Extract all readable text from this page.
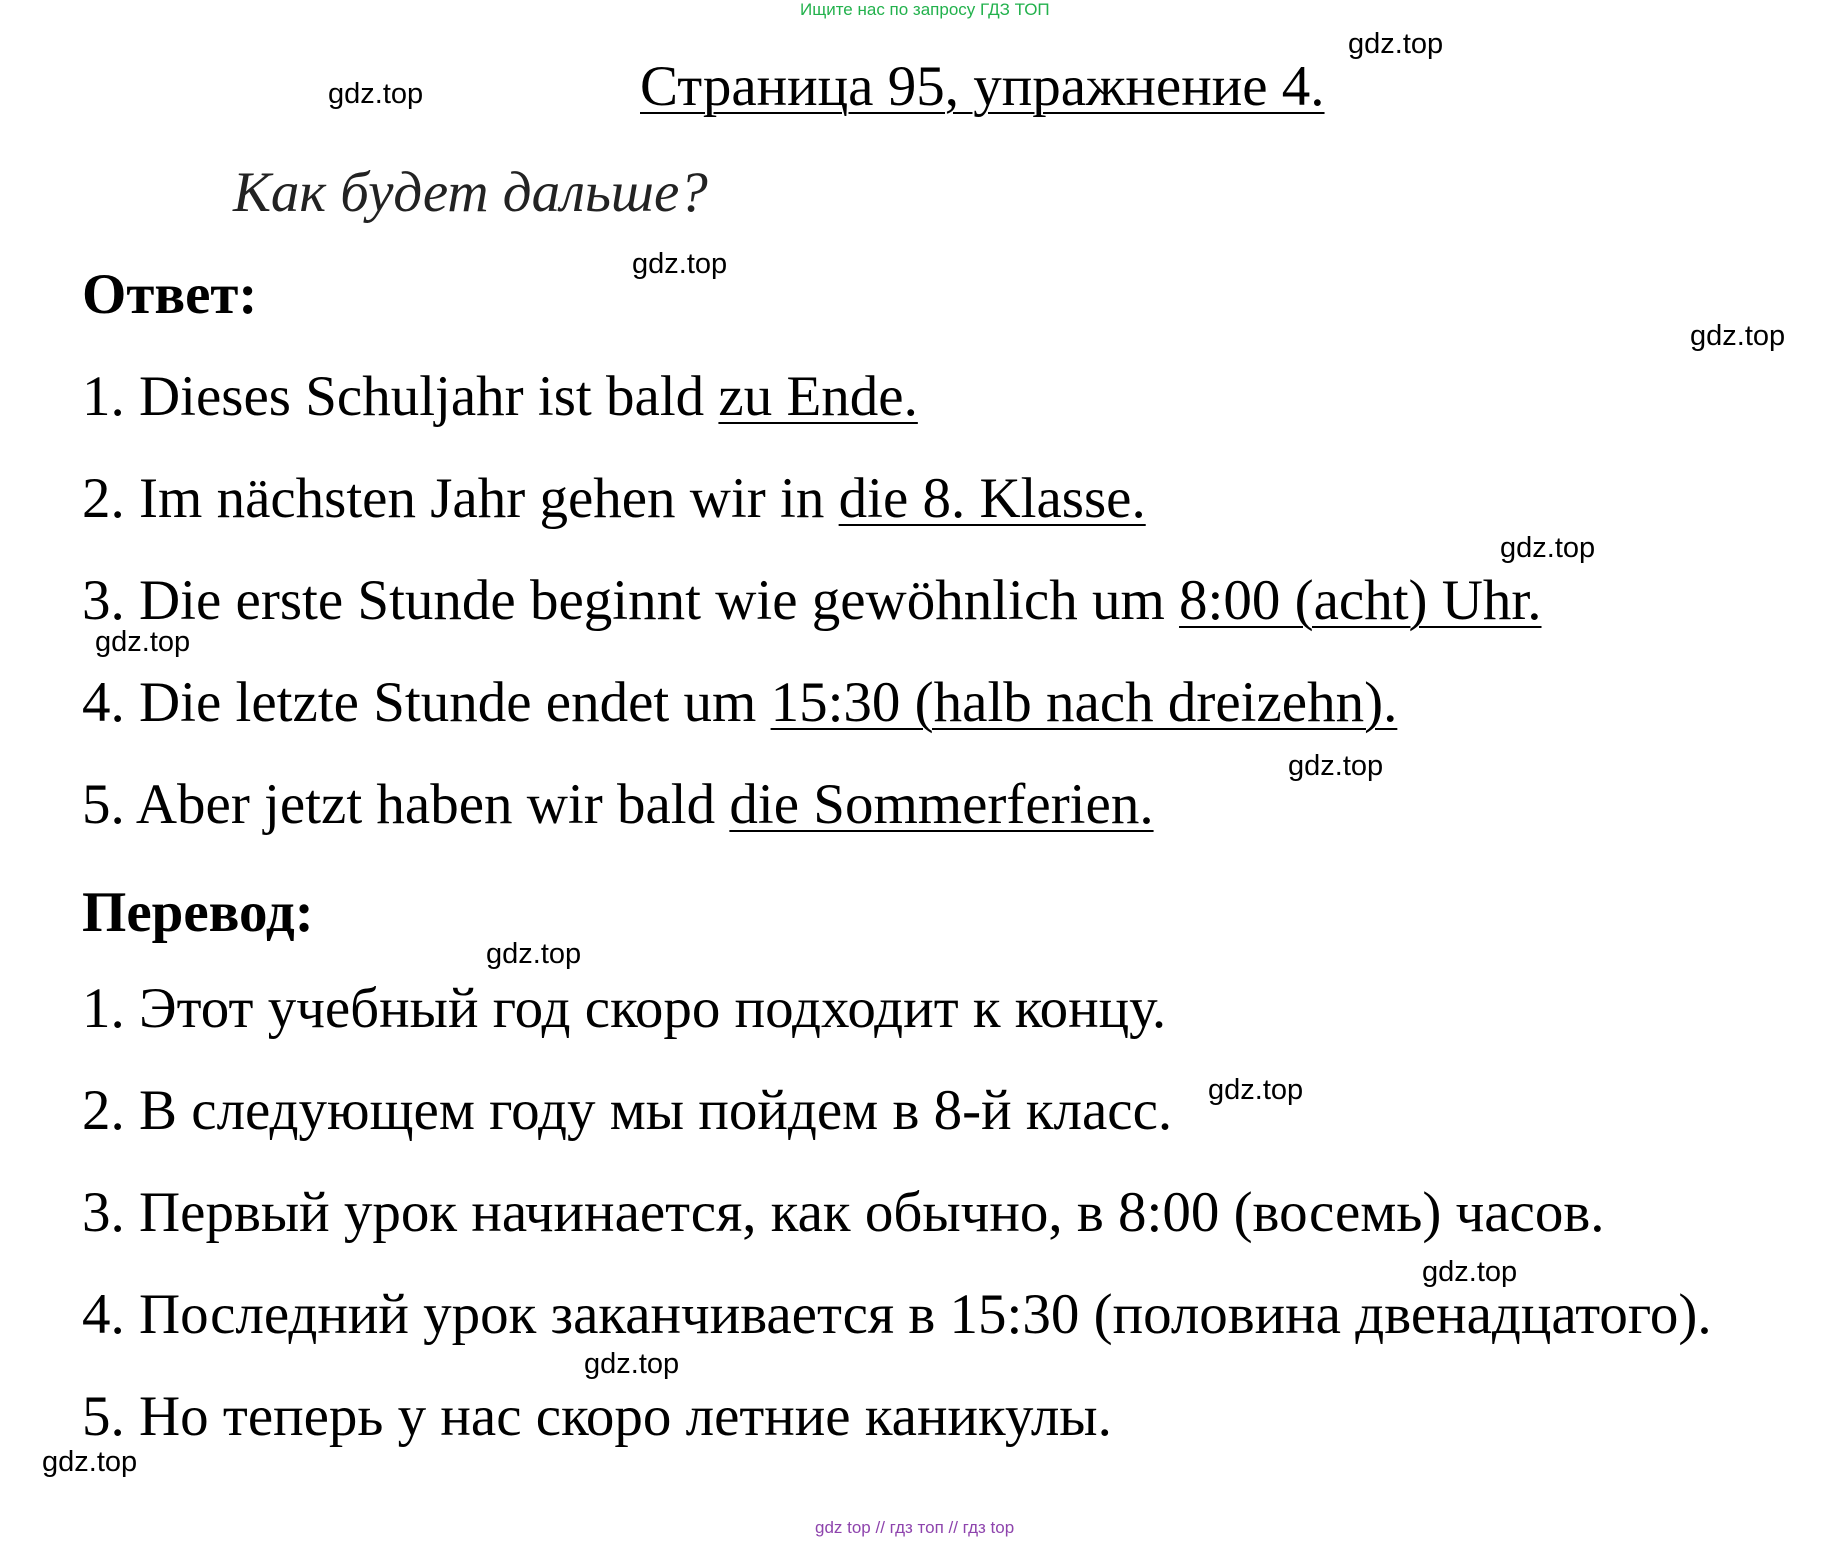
Ищите нас по запросу ГДЗ ТОП
Страница 95, упражнение 4.
Как будет дальше?
Ответ:
1. Dieses Schuljahr ist bald zu Ende.
2. Im nächsten Jahr gehen wir in die 8. Klasse.
3. Die erste Stunde beginnt wie gewöhnlich um 8:00 (acht) Uhr.
4. Die letzte Stunde endet um 15:30 (halb nach dreizehn).
5. Aber jetzt haben wir bald die Sommerferien.
Перевод:
1. Этот учебный год скоро подходит к концу.
2. В следующем году мы пойдем в 8-й класс.
3. Первый урок начинается, как обычно, в 8:00 (восемь) часов.
4. Последний урок заканчивается в 15:30 (половина двенадцатого).
5. Но теперь у нас скоро летние каникулы.
gdz.top
gdz.top
gdz.top
gdz.top
gdz.top
gdz.top
gdz.top
gdz.top
gdz.top
gdz.top
gdz.top
gdz.top
gdz top // гдз топ // гдз top
